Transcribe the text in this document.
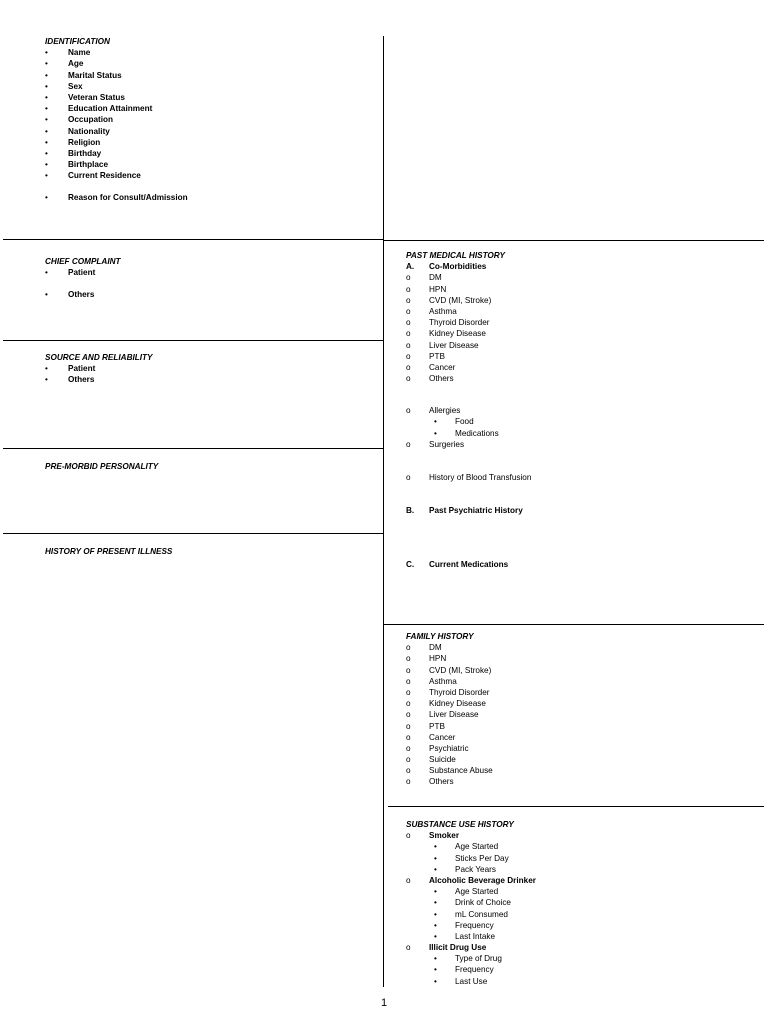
IDENTIFICATION
• Name
• Age
• Marital Status
• Sex
• Veteran Status
• Education Attainment
• Occupation
• Nationality
• Religion
• Birthday
• Birthplace
• Current Residence
• Reason for Consult/Admission
CHIEF COMPLAINT
• Patient
• Others
SOURCE AND RELIABILITY
• Patient
• Others
PRE-MORBID PERSONALITY
HISTORY OF PRESENT ILLNESS
PAST MEDICAL HISTORY
A. Co-Morbidities
o DM
o HPN
o CVD (MI, Stroke)
o Asthma
o Thyroid Disorder
o Kidney Disease
o Liver Disease
o PTB
o Cancer
o Others
o Allergies
• Food
• Medications
o Surgeries
o History of Blood Transfusion
B. Past Psychiatric History
C. Current Medications
FAMILY HISTORY
o DM
o HPN
o CVD (MI, Stroke)
o Asthma
o Thyroid Disorder
o Kidney Disease
o Liver Disease
o PTB
o Cancer
o Psychiatric
o Suicide
o Substance Abuse
o Others
SUBSTANCE USE HISTORY
o Smoker
• Age Started
• Sticks Per Day
• Pack Years
o Alcoholic Beverage Drinker
• Age Started
• Drink of Choice
• mL Consumed
• Frequency
• Last Intake
o Illicit Drug Use
• Type of Drug
• Frequency
• Last Use
1
